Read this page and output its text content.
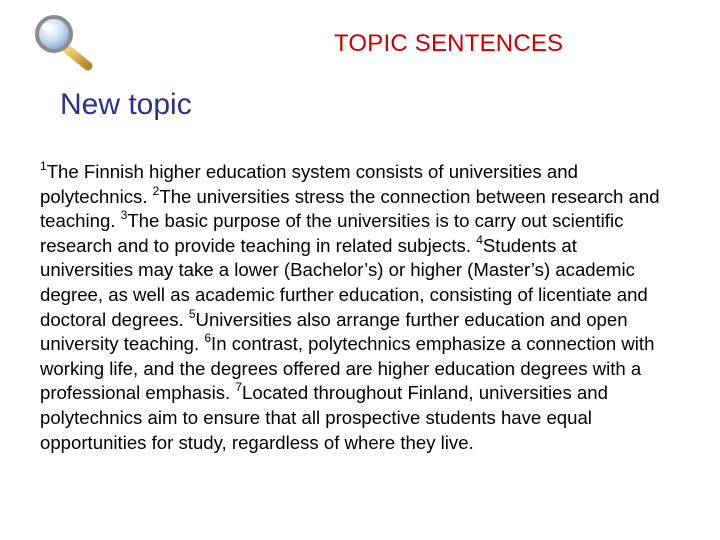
TOPIC SENTENCES
New topic

$^1$The Finnish higher education system consists of universities and
polytechnics. $^2$The universities stress the connection between research and
teaching. $^3$The basic purpose of the universities is to carry out scientific
research and to provide teaching in related subjects. $^4$Students at
universities may take a lower (Bachelor’s) or higher (Master’s) academic
degree, as well as academic further education, consisting of licentiate and
doctoral degrees. $^5$Universities also arrange further education and open
university teaching. $^6$In contrast, polytechnics emphasize a connection with
working life, and the degrees offered are higher education degrees with a
professional emphasis. $^7$Located throughout Finland, universities and
polytechnics aim to ensure that all prospective students have equal
opportunities for study, regardless of where they live.
